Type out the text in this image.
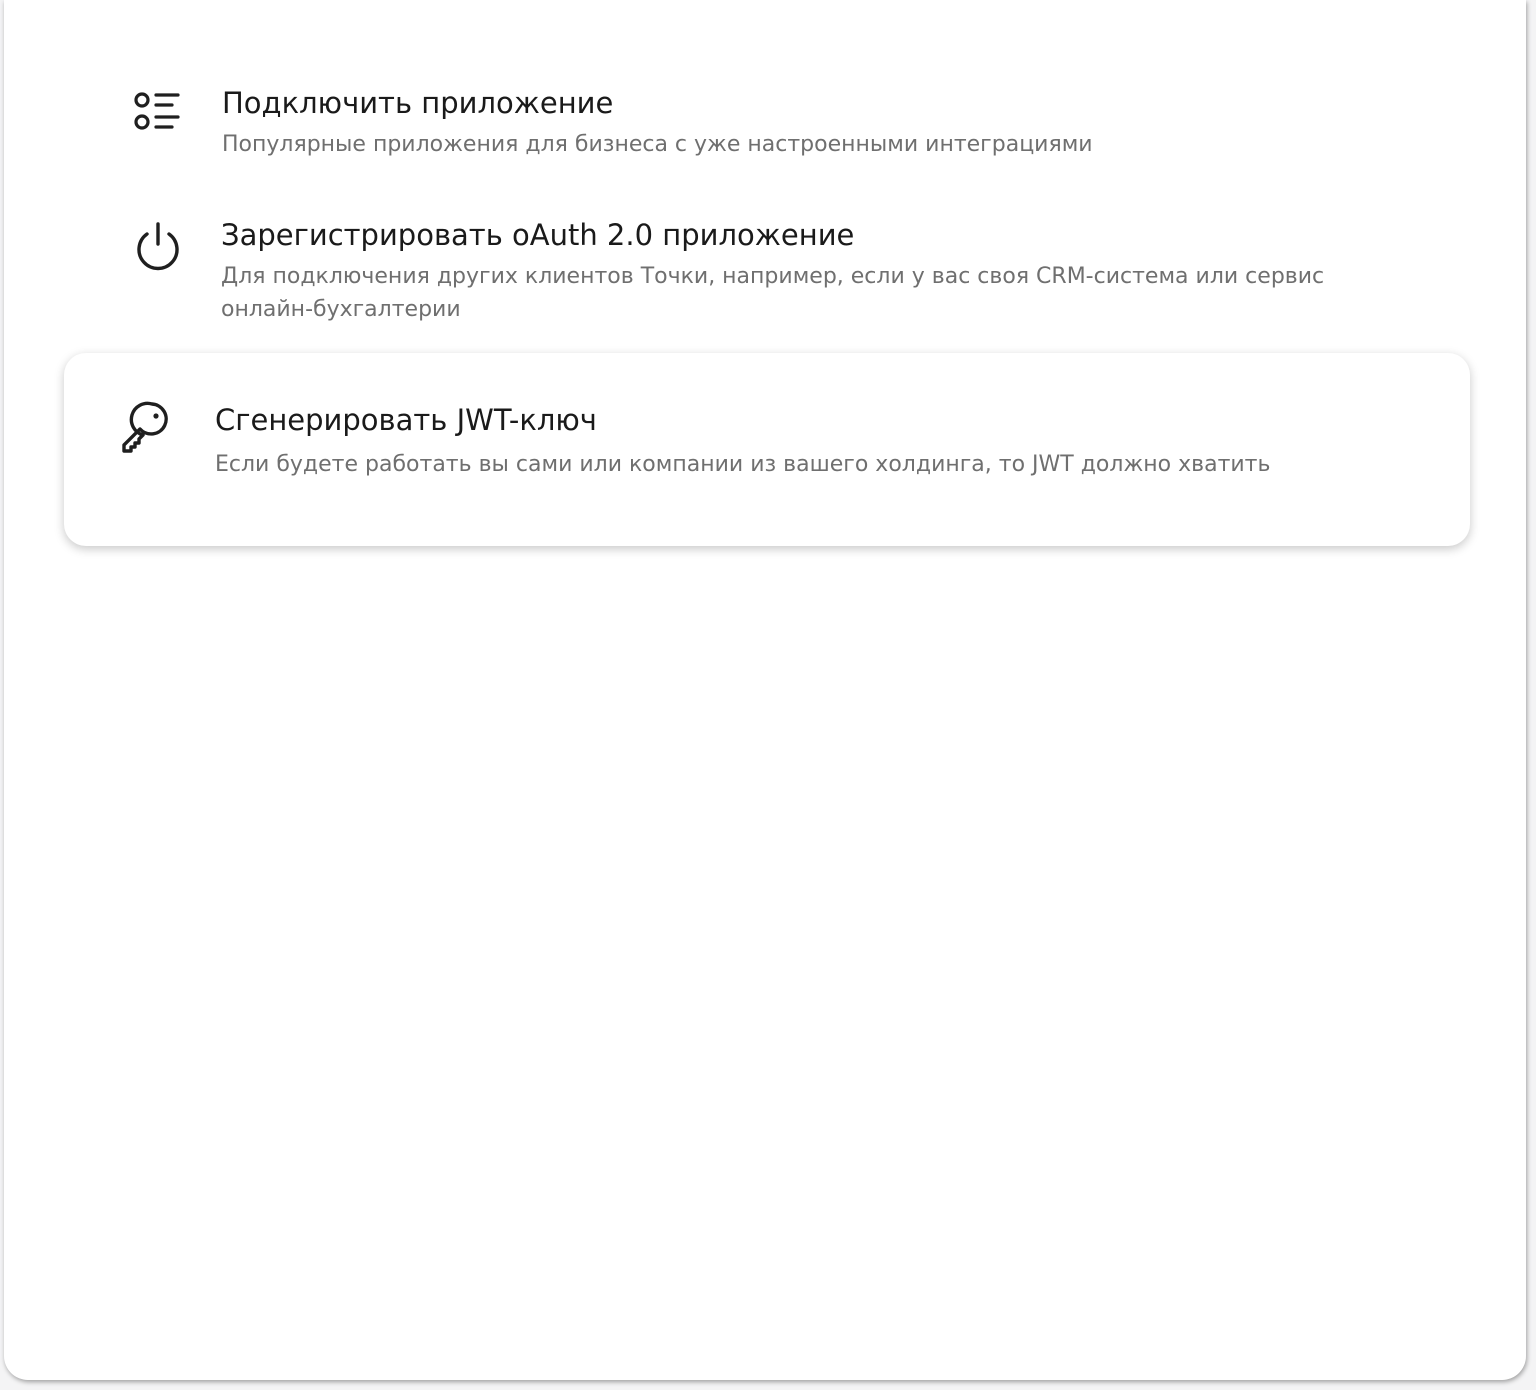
Подключить приложение
Популярные приложения для бизнеса с уже настроенными интеграциями
Зарегистрировать oAuth 2.0 приложение
Для подключения других клиентов Точки, например, если у вас своя CRM-система или сервис онлайн-бухгалтерии
Сгенерировать JWT-ключ
Если будете работать вы сами или компании из вашего холдинга, то JWT должно хватить
